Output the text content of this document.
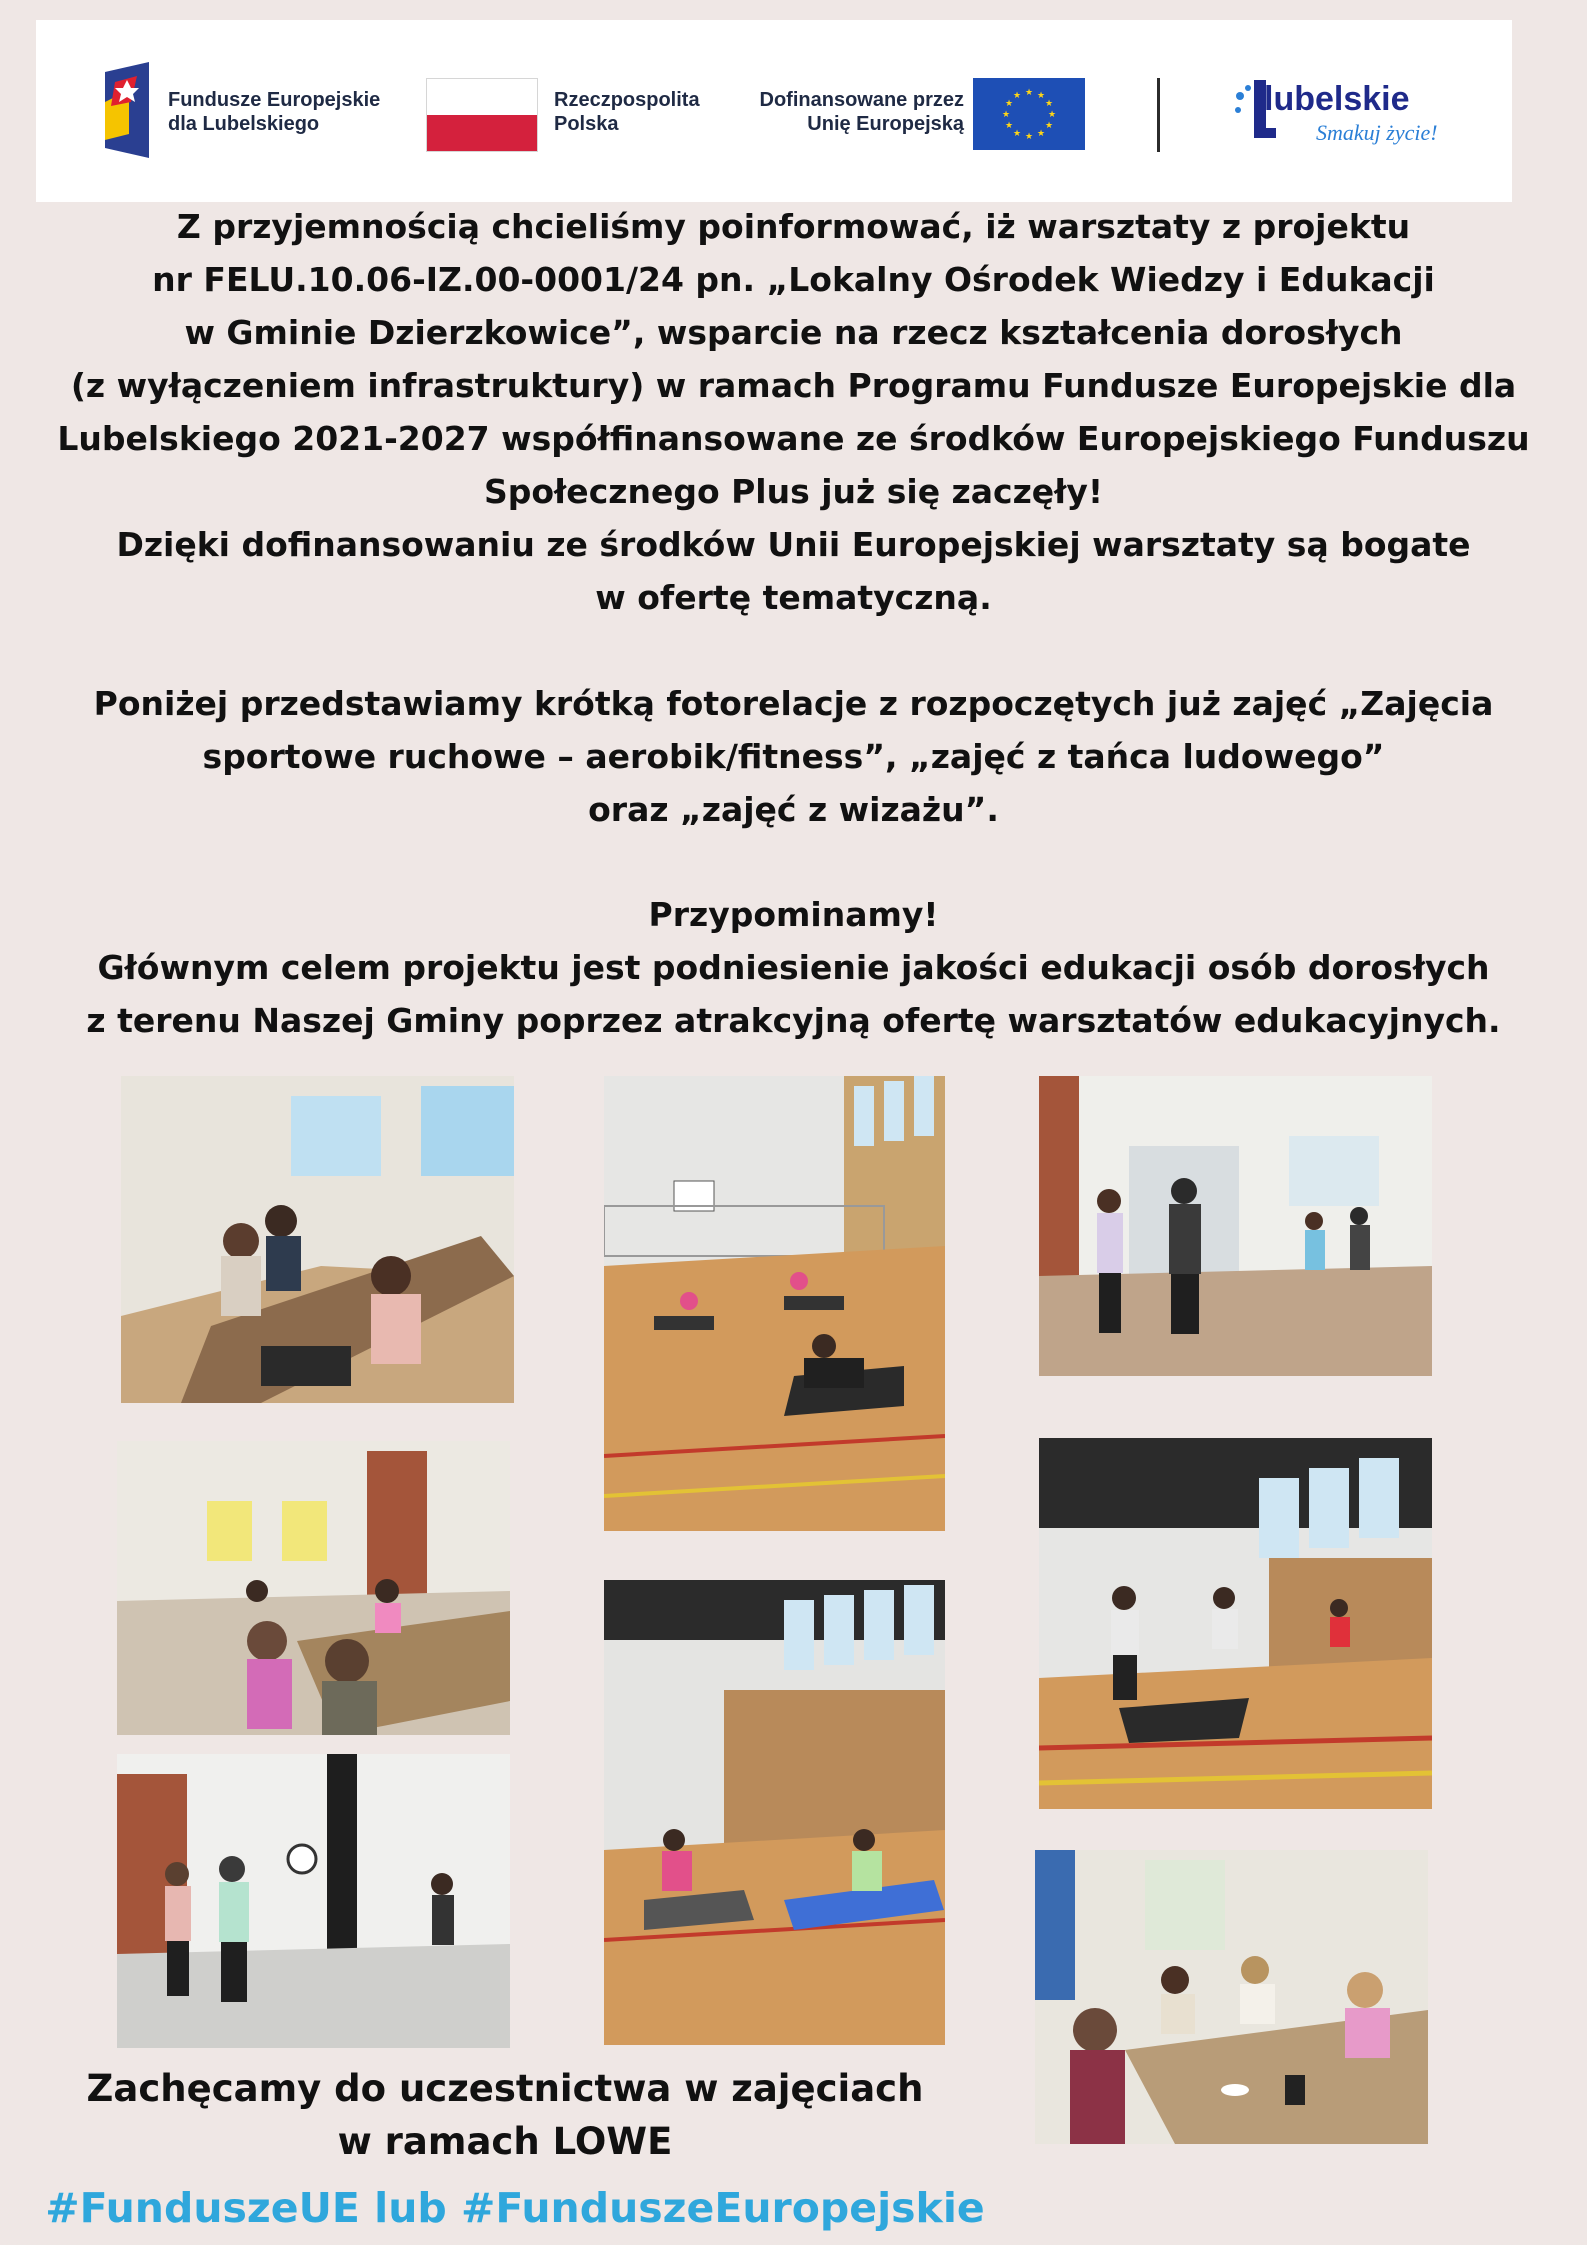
Fundusze Europejskie
dla Lubelskiego
Rzeczpospolita
Polska
Dofinansowane przez
Unię Europejską
★ ★
★
★
★
★
★
★
★
★
★
★	lubelskie
Smakuj życie!
Z przyjemnością chcieliśmy poinformować, iż warsztaty z projektu
nr FELU.10.06-IZ.00-0001/24 pn. „Lokalny Ośrodek Wiedzy i Edukacji
w Gminie Dzierzkowice”, wsparcie na rzecz kształcenia dorosłych
(z wyłączeniem infrastruktury) w ramach Programu Fundusze Europejskie dla
Lubelskiego 2021-2027 współfinansowane ze środków Europejskiego Funduszu
Społecznego Plus już się zaczęły!
Dzięki dofinansowaniu ze środków Unii Europejskiej warsztaty są bogate
w ofertę tematyczną.
Poniżej przedstawiamy krótką fotorelacje z rozpoczętych już zajęć „Zajęcia
sportowe ruchowe – aerobik/fitness”, „zajęć z tańca ludowego”
oraz „zajęć z wizażu”.
Przypominamy!
Głównym celem projektu jest podniesienie jakości edukacji osób dorosłych
z terenu Naszej Gminy poprzez atrakcyjną ofertę warsztatów edukacyjnych.
Zachęcamy do uczestnictwa w zajęciach
w ramach LOWE
#FunduszeUE lub #FunduszeEuropejskie
